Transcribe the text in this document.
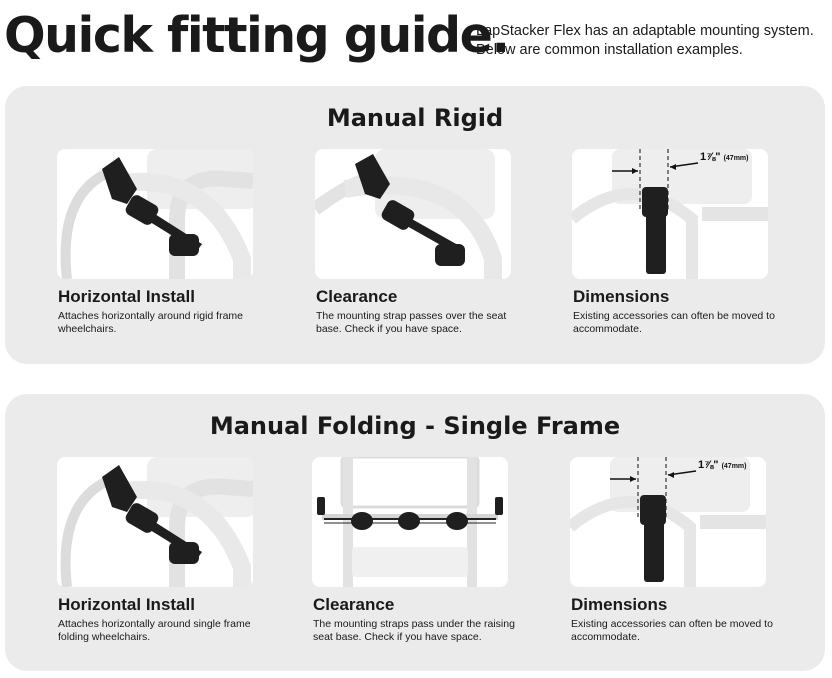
Quick fitting guide.

LapStacker Flex has an adaptable mounting system. Below are common installation examples.

Manual Rigid
Horizontal Install

Attaches horizontally around rigid frame wheelchairs.

Clearance

The mounting strap passes over the seat base. Check if you have space.

1⅞" (47mm)
Dimensions

Existing accessories can often be moved to accommodate.

Manual Folding - Single Frame
Horizontal Install

Attaches horizontally around single frame folding wheelchairs.

Clearance

The mounting straps pass under the raising seat base. Check if you have space.

1⅞" (47mm)
Dimensions

Existing accessories can often be moved to accommodate.
